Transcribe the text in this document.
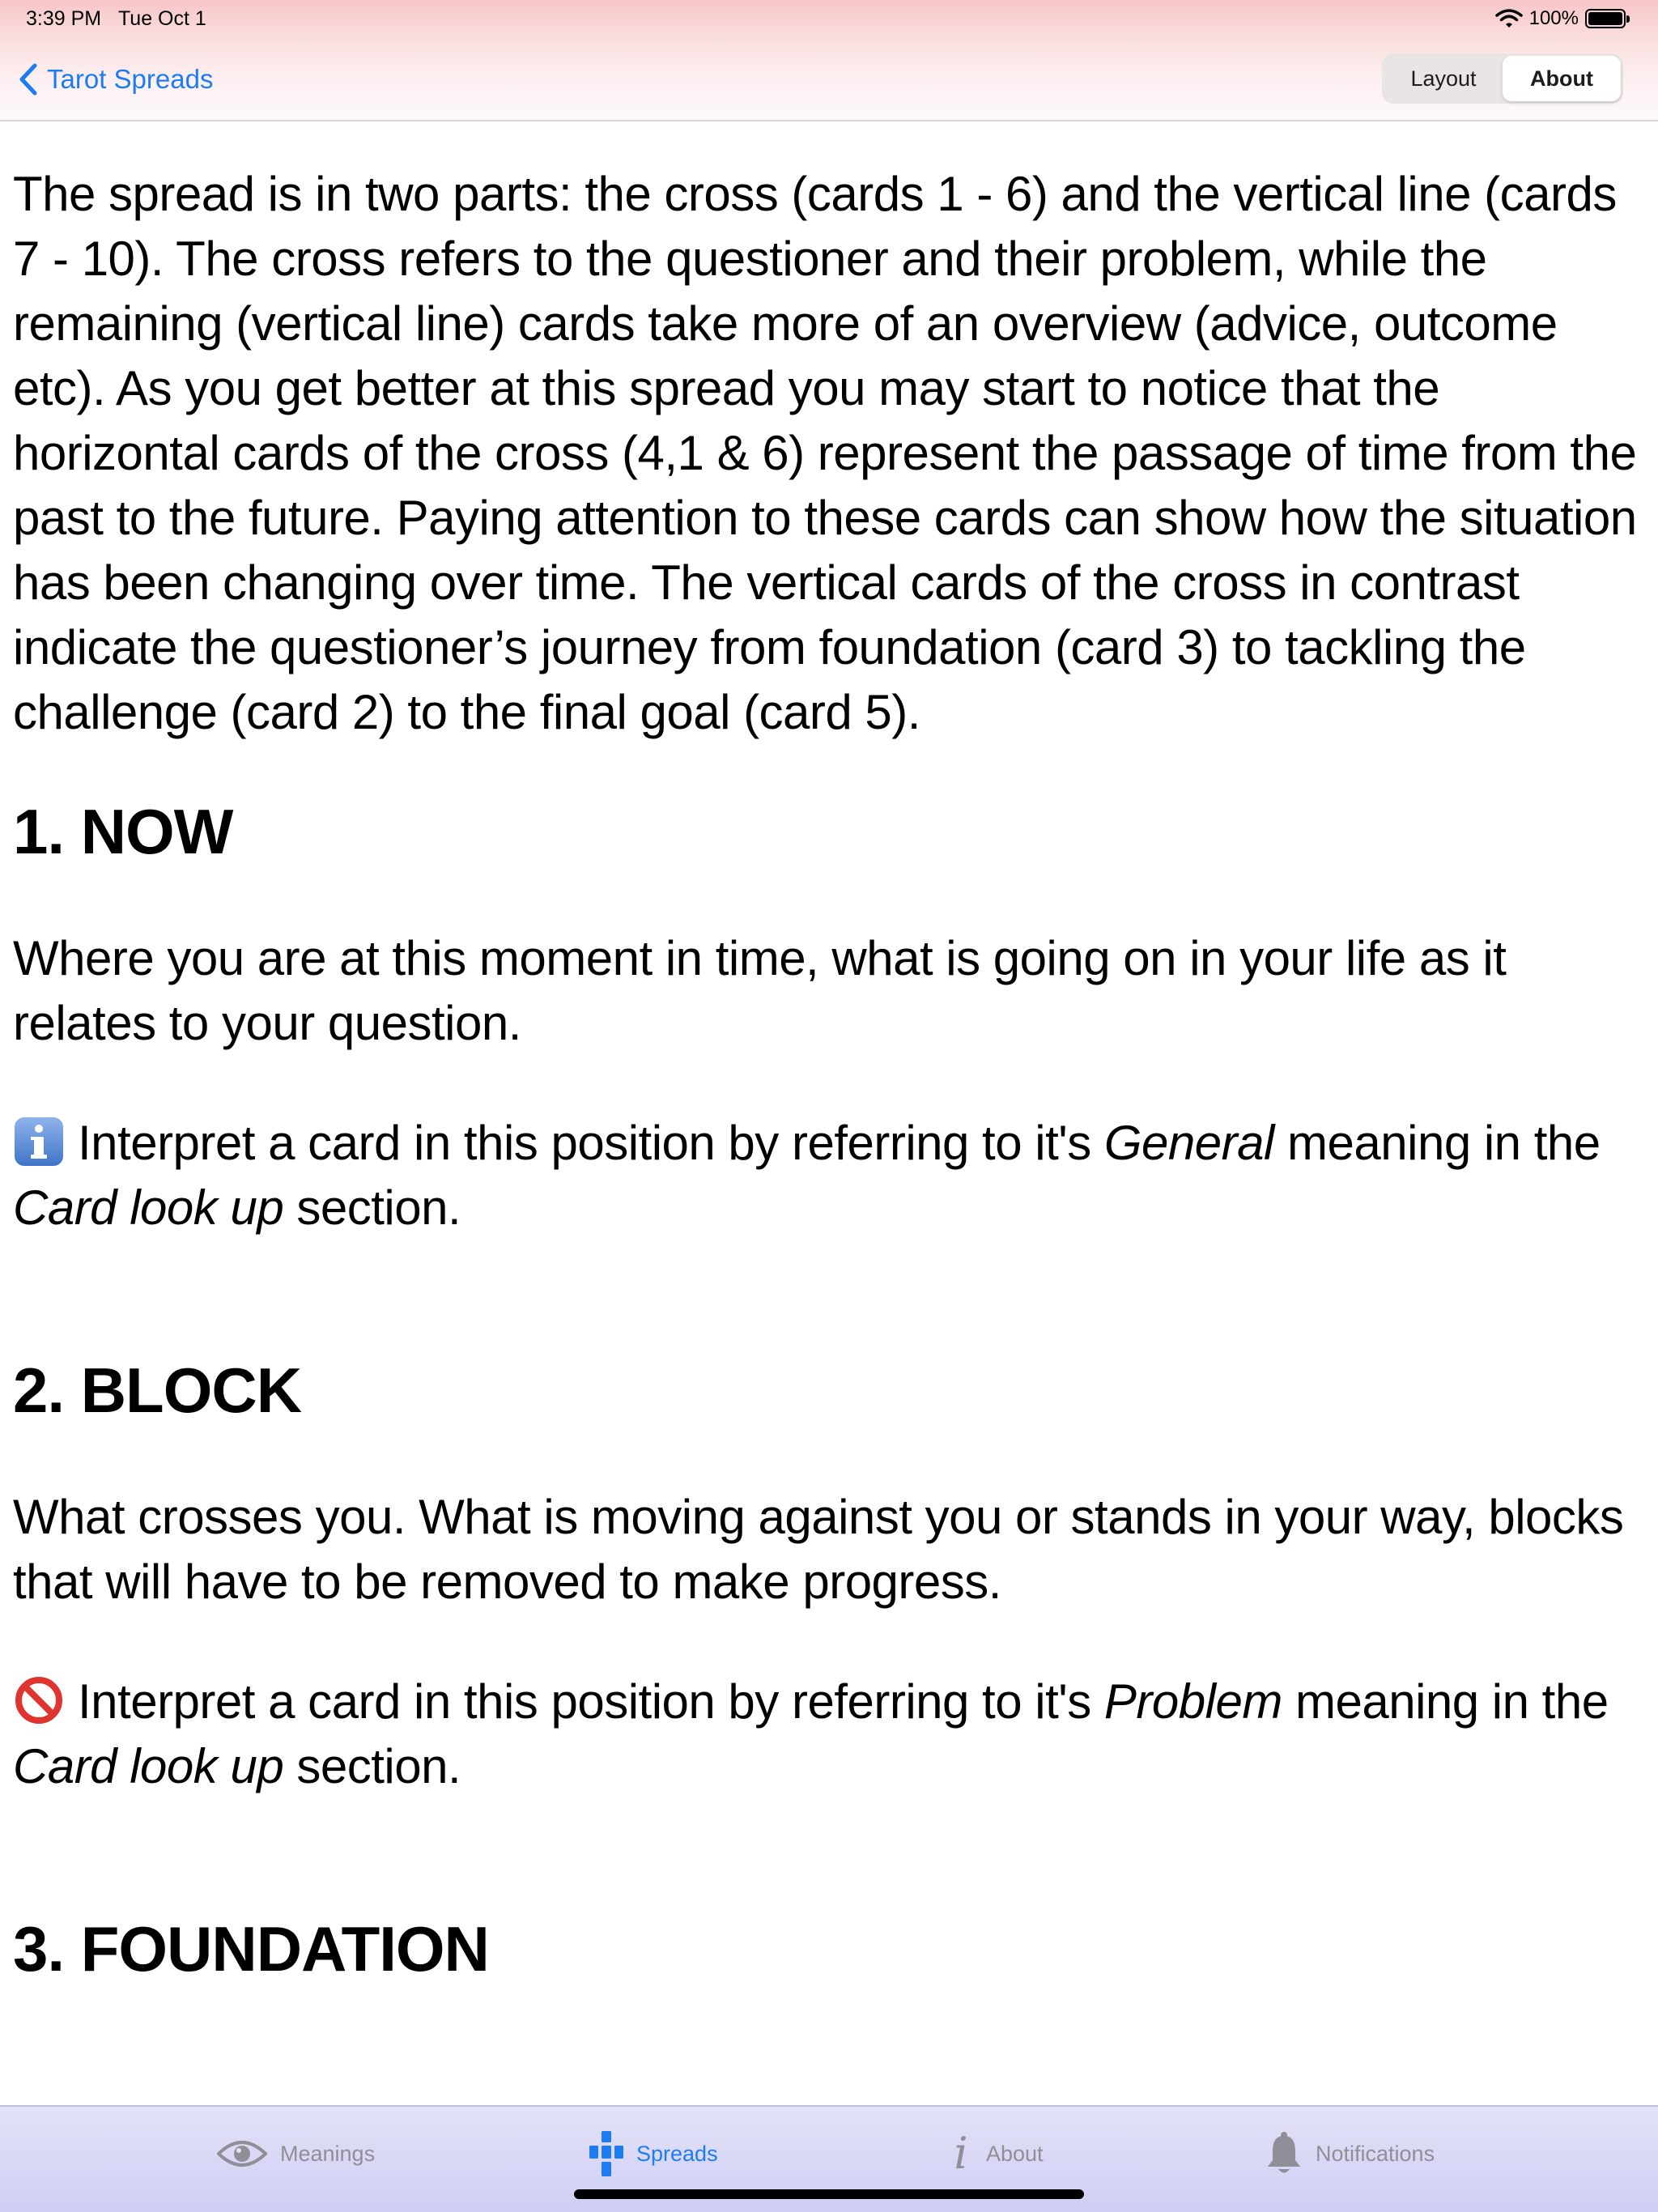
3:39 PM Tue Oct 1	100%
Tarot Spreads	Layout	About

The spread is in two parts: the cross (cards 1 - 6) and the vertical line (cards 7 - 10). The cross refers to the questioner and their problem, while the remaining (vertical line) cards take more of an overview (advice, outcome etc). As you get better at this spread you may start to notice that the horizontal cards of the cross (4,1 & 6) represent the passage of time from the past to the future. Paying attention to these cards can show how the situation has been changing over time. The vertical cards of the cross in contrast indicate the questioner’s journey from foundation (card 3) to tackling the challenge (card 2) to the final goal (card 5).

1. NOW

Where you are at this moment in time, what is going on in your life as it relates to your question.

Interpret a card in this position by referring to it's General meaning in the Card look up section.

2. BLOCK

What crosses you. What is moving against you or stands in your way, blocks that will have to be removed to make progress.

Interpret a card in this position by referring to it's Problem meaning in the Card look up section.

3. FOUNDATION
Meanings	Spreads	i About	Notifications
